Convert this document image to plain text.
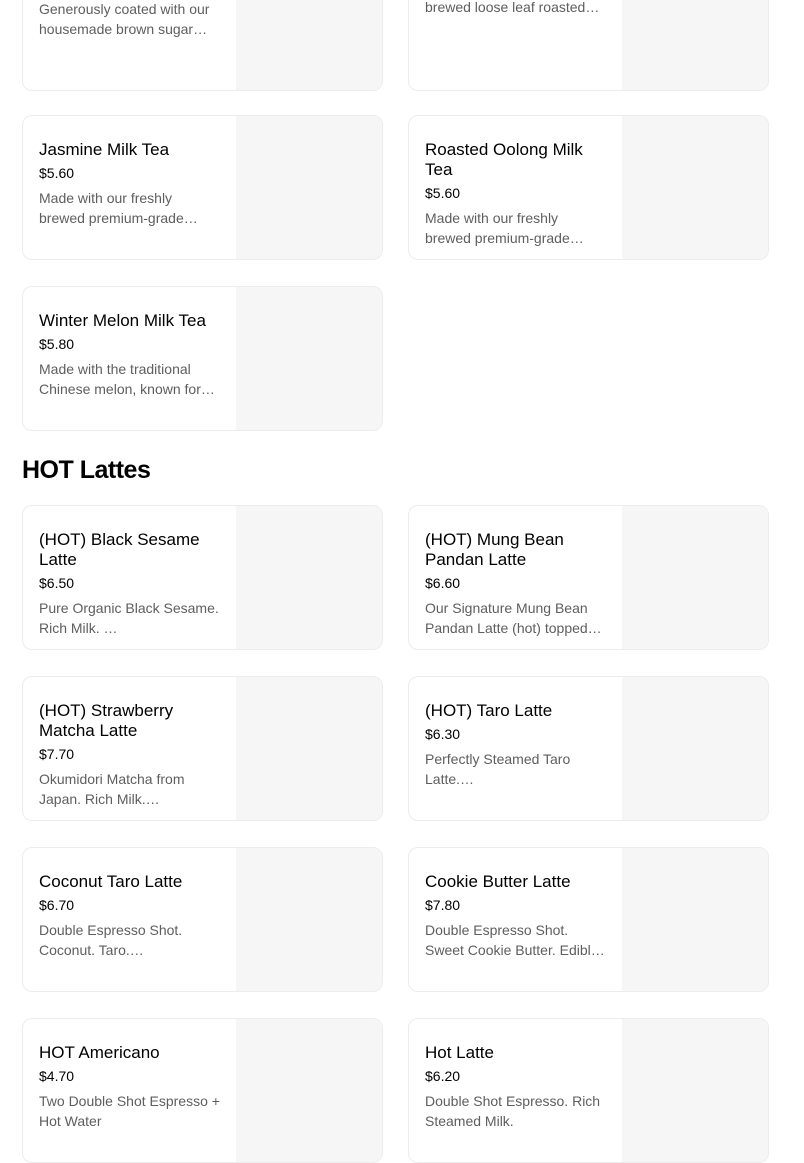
Generously coated with our housemade brown sugar…
brewed loose leaf roasted…
Jasmine Milk Tea
$5.60
Made with our freshly brewed premium-grade…
Roasted Oolong Milk Tea
$5.60
Made with our freshly brewed premium-grade…
Winter Melon Milk Tea
$5.80
Made with the traditional Chinese melon, known for…
HOT Lattes
(HOT) Black Sesame Latte
$6.50
Pure Organic Black Sesame. Rich Milk. …
(HOT) Mung Bean Pandan Latte
$6.60
Our Signature Mung Bean Pandan Latte (hot) topped…
(HOT) Strawberry Matcha Latte
$7.70
Okumidori Matcha from Japan. Rich Milk.…
(HOT) Taro Latte
$6.30
Perfectly Steamed Taro Latte.…
Coconut Taro Latte
$6.70
Double Espresso Shot. Coconut. Taro.…
Cookie Butter Latte
$7.80
Double Espresso Shot. Sweet Cookie Butter. Edibl…
HOT Americano
$4.70
Two Double Shot Espresso + Hot Water
Hot Latte
$6.20
Double Shot Espresso. Rich Steamed Milk.
